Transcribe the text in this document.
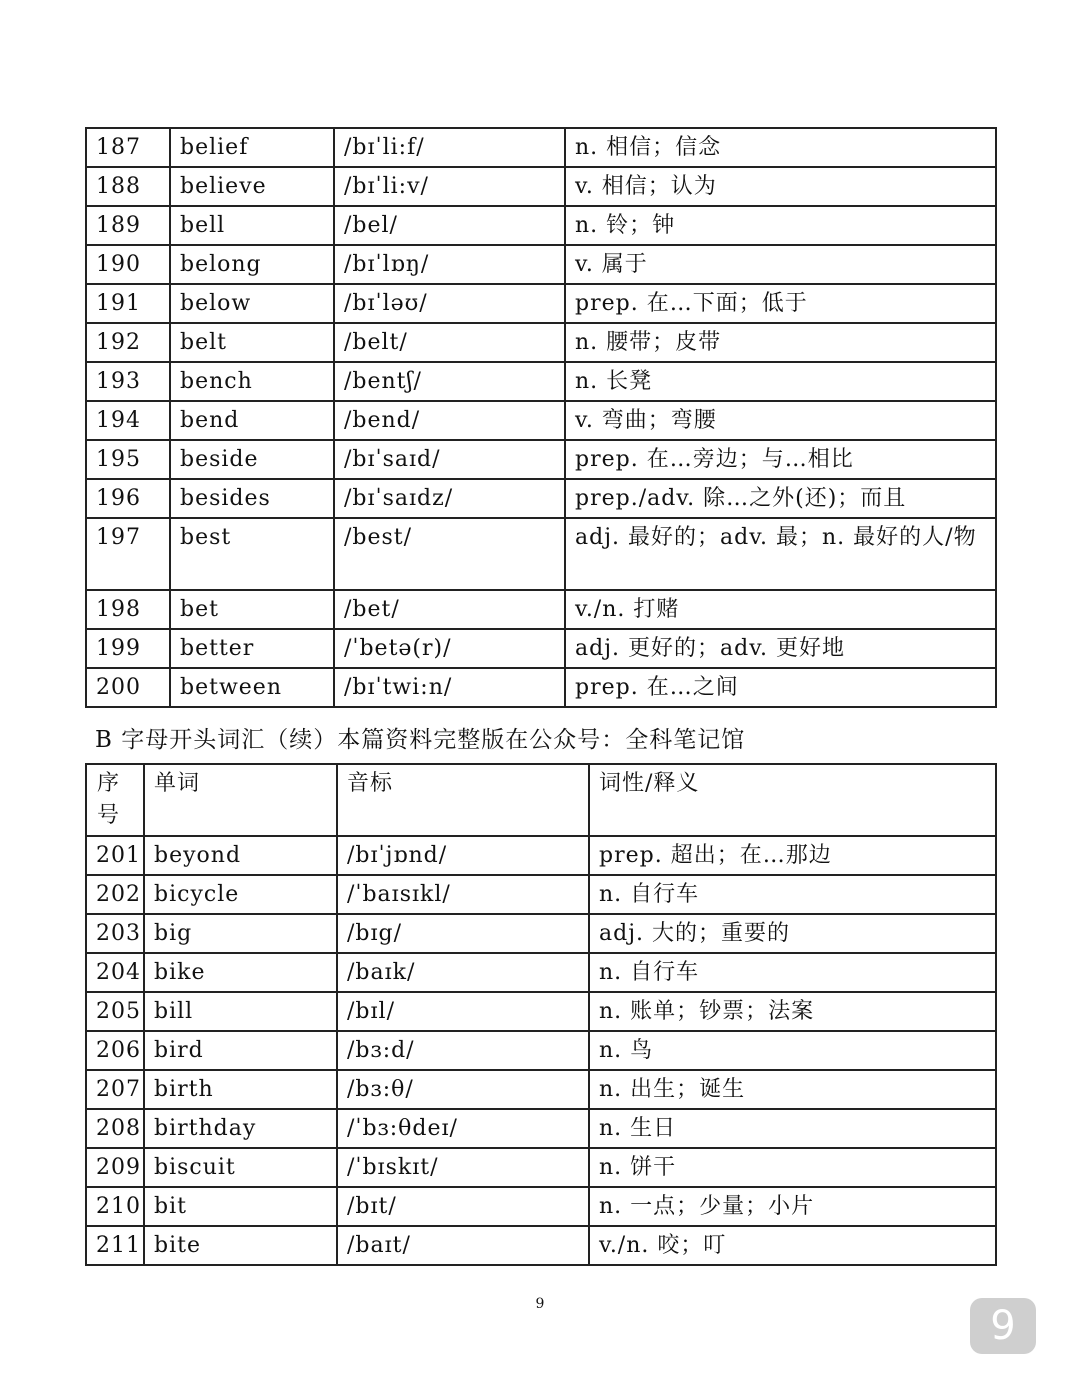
187	belief	/bɪˈli:f/	n. 相信；信念
188	believe	/bɪˈli:v/	v. 相信；认为
189	bell	/bel/	n. 铃；钟
190	belong	/bɪˈlɒŋ/	v. 属于
191	below	/bɪˈləʊ/	prep. 在…下面；低于
192	belt	/belt/	n. 腰带；皮带
193	bench	/bentʃ/	n. 长凳
194	bend	/bend/	v. 弯曲；弯腰
195	beside	/bɪˈsaɪd/	prep. 在…旁边；与…相比
196	besides	/bɪˈsaɪdz/	prep./adv. 除…之外(还)；而且
197	best	/best/	adj. 最好的；adv. 最；n. 最好的人/物
198	bet	/bet/	v./n. 打赌
199	better	/ˈbetə(r)/	adj. 更好的；adv. 更好地
200	between	/bɪˈtwi:n/	prep. 在…之间
B 字母开头词汇（续）本篇资料完整版在公众号：全科笔记馆
序号	单词	音标	词性/释义
201	beyond	/bɪˈjɒnd/	prep. 超出；在…那边
202	bicycle	/ˈbaɪsɪkl/	n. 自行车
203	big	/bɪg/	adj. 大的；重要的
204	bike	/baɪk/	n. 自行车
205	bill	/bɪl/	n. 账单；钞票；法案
206	bird	/bɜ:d/	n. 鸟
207	birth	/bɜ:θ/	n. 出生；诞生
208	birthday	/ˈbɜ:θdeɪ/	n. 生日
209	biscuit	/ˈbɪskɪt/	n. 饼干
210	bit	/bɪt/	n. 一点；少量；小片
211	bite	/baɪt/	v./n. 咬；叮
9	9
